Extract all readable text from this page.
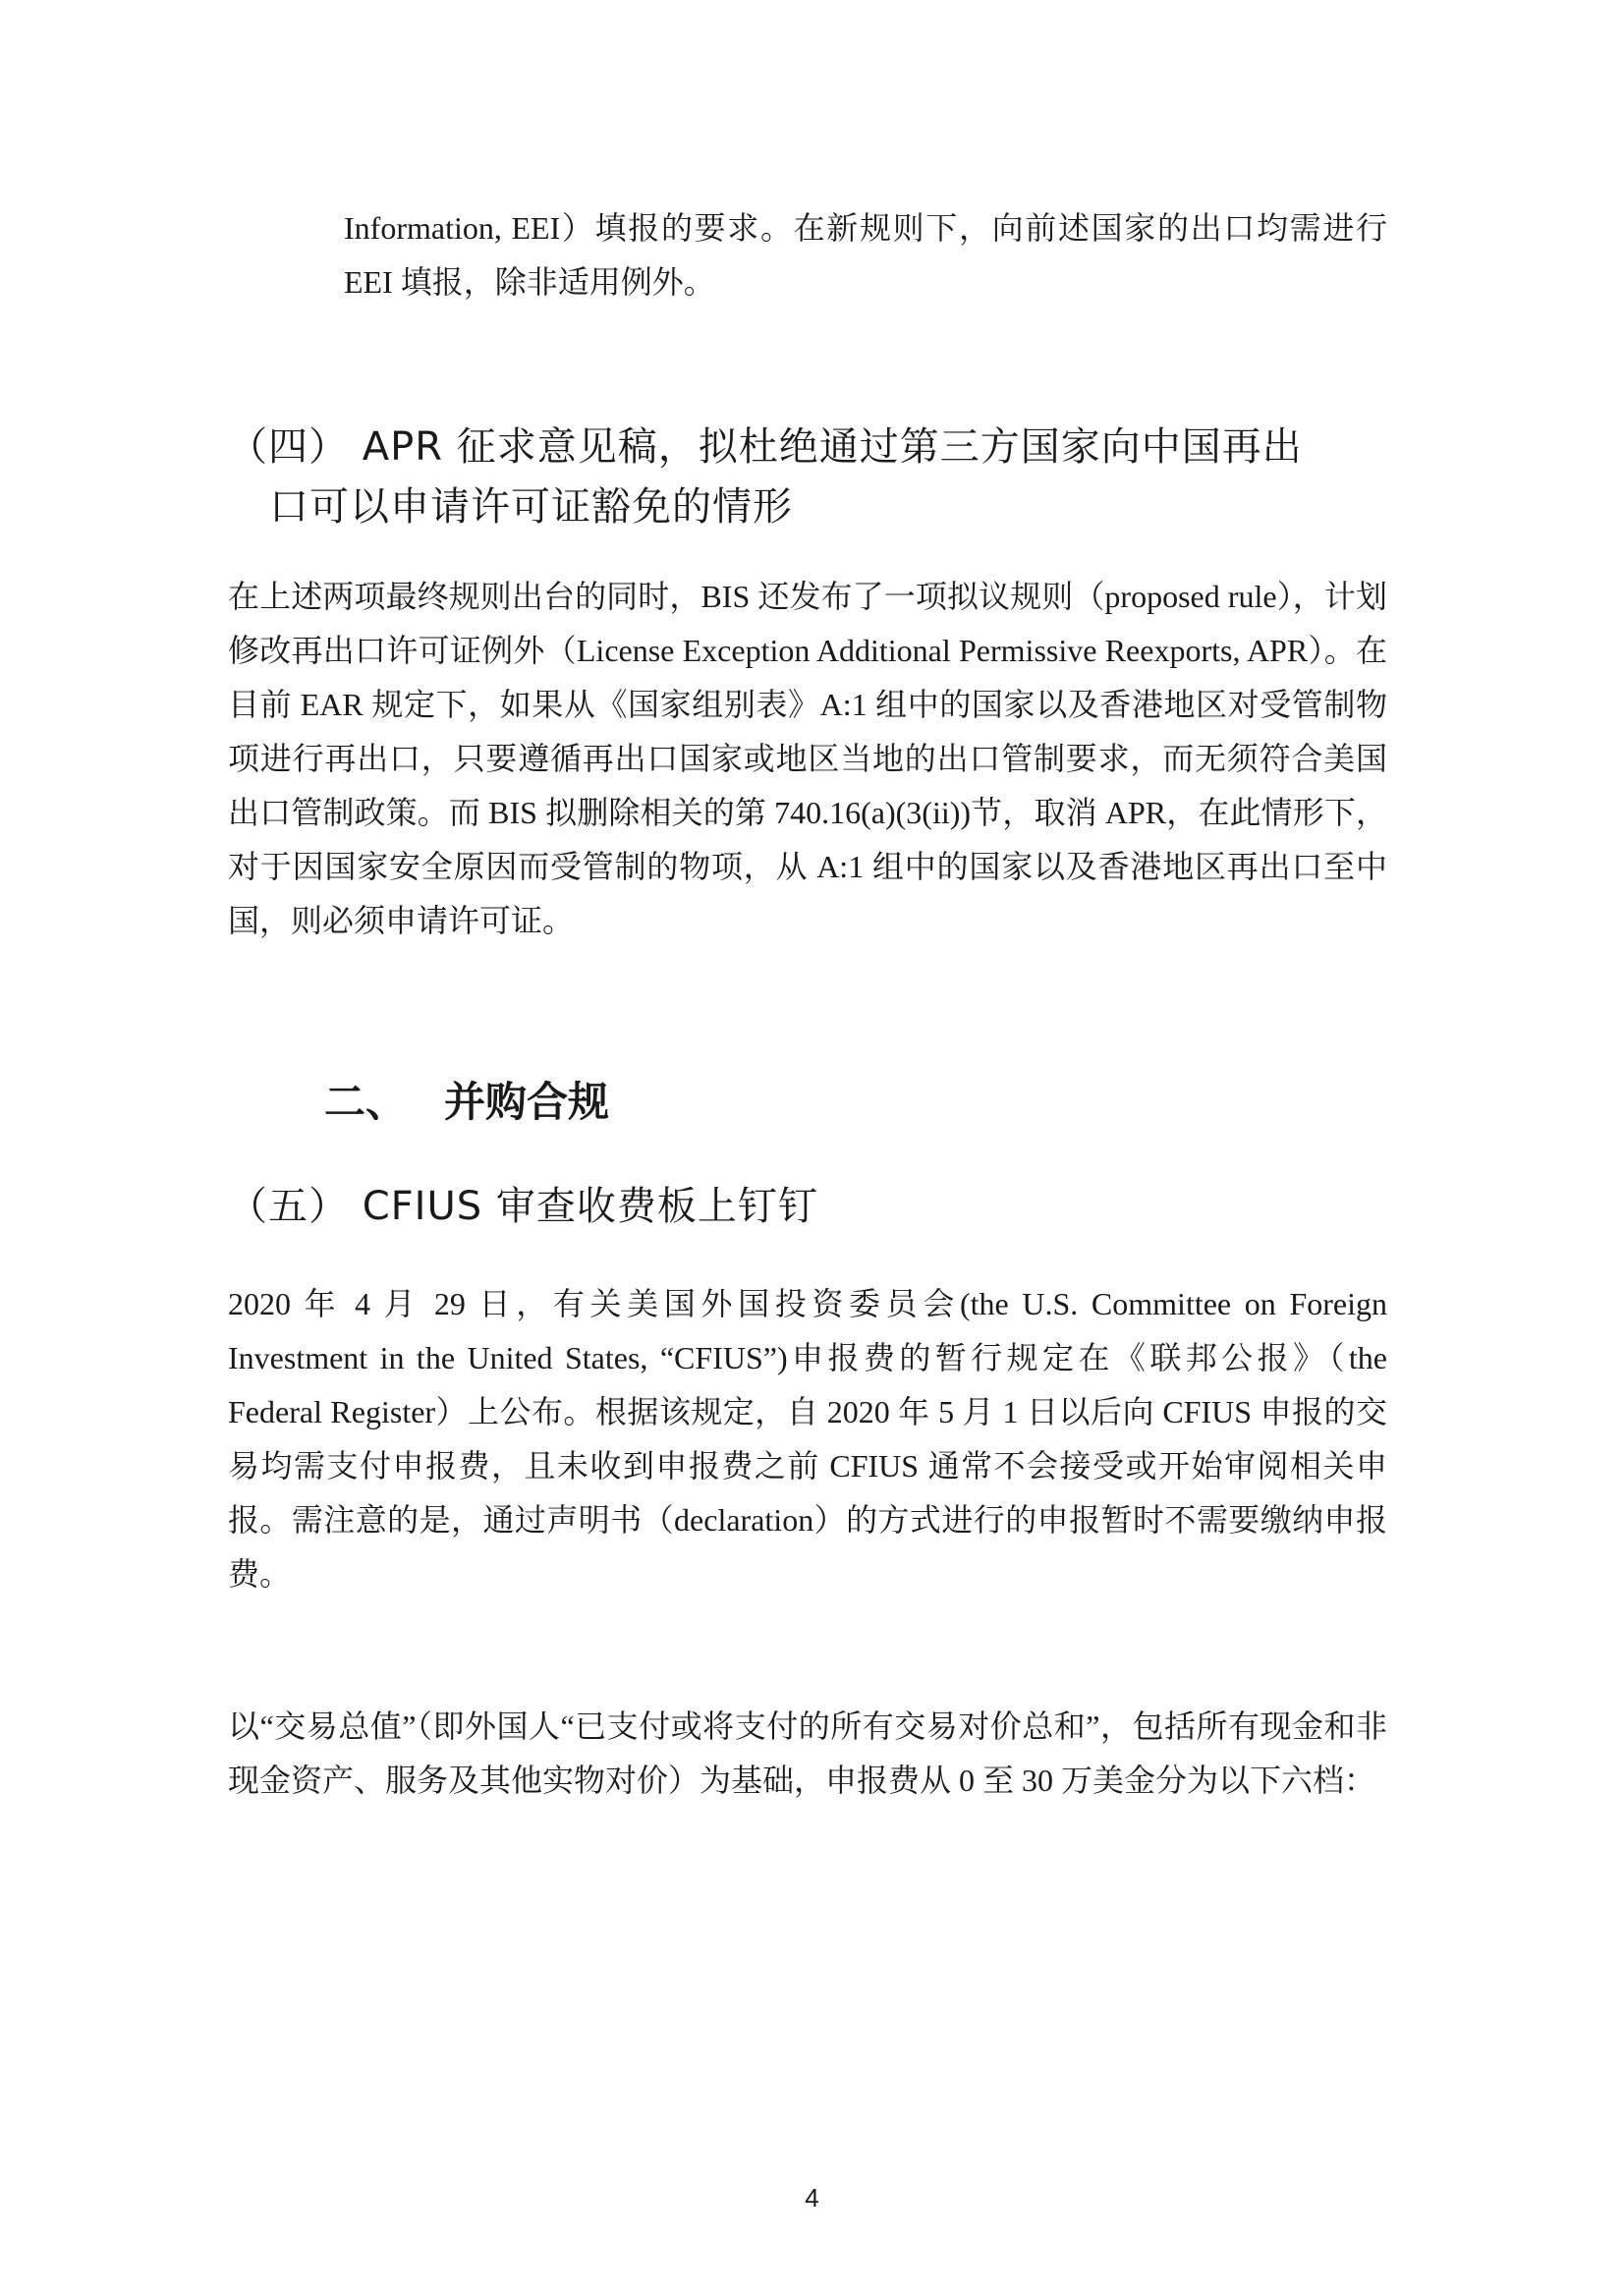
Information, EEI）填报的要求。在新规则下，向前述国家的出口均需进行 EEI 填报，除非适用例外。

（四） APR 征求意见稿，拟杜绝通过第三方国家向中国再出
口可以申请许可证豁免的情形

在上述两项最终规则出台的同时，BIS 还发布了一项拟议规则（proposed rule），计划修改再出口许可证例外（License Exception Additional Permissive Reexports, APR）。在目前 EAR 规定下，如果从《国家组别表》A:1 组中的国家以及香港地区对受管制物项进行再出口，只要遵循再出口国家或地区当地的出口管制要求，而无须符合美国出口管制政策。而 BIS 拟删除相关的第 740.16(a)(3(ii))节，取消 APR，在此情形下，对于因国家安全原因而受管制的物项，从 A:1 组中的国家以及香港地区再出口至中国，则必须申请许可证。

二、 并购合规
（五） CFIUS 审查收费板上钉钉

2020 年 4 月 29 日，有关美国外国投资委员会(the U.S. Committee on Foreign Investment in the United States, “CFIUS”)申报费的暂行规定在《联邦公报》（the Federal Register）上公布。根据该规定，自 2020 年 5 月 1 日以后向 CFIUS 申报的交易均需支付申报费，且未收到申报费之前 CFIUS 通常不会接受或开始审阅相关申报。需注意的是，通过声明书（declaration）的方式进行的申报暂时不需要缴纳申报费。

以“交易总值”（即外国人“已支付或将支付的所有交易对价总和”，包括所有现金和非现金资产、服务及其他实物对价）为基础，申报费从 0 至 30 万美金分为以下六档：

4
